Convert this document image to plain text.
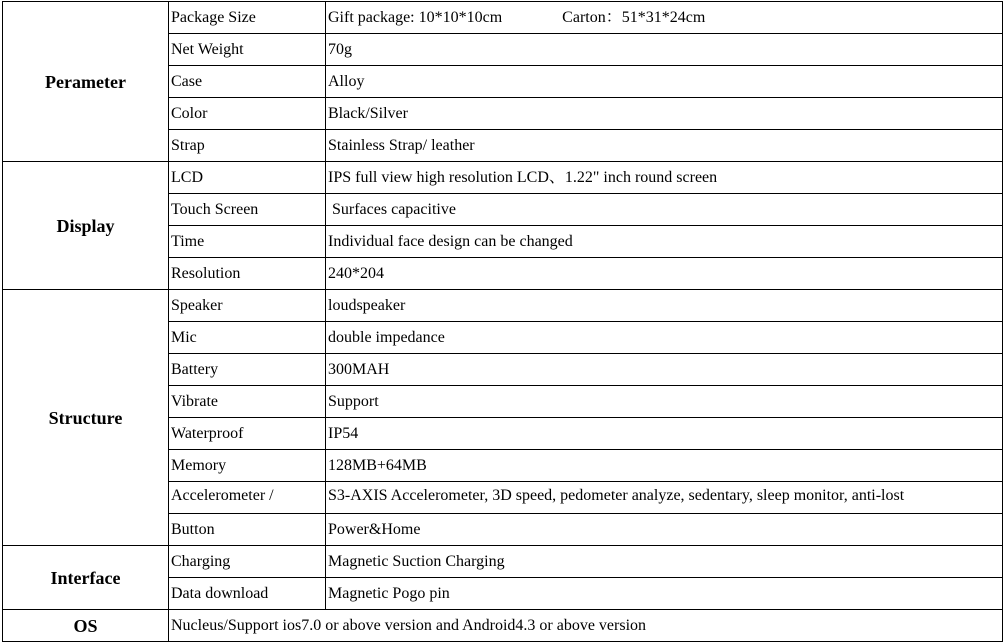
Perameter	Package Size	Gift package: 10*10*10cm Carton：51*31*24cm
	Net Weight	70g
	Case	Alloy
	Color	Black/Silver
	Strap	Stainless Strap/ leather
Display	LCD	IPS full view high resolution LCD、1.22" inch round screen
	Touch Screen	Surfaces capacitive
	Time	Individual face design can be changed
	Resolution	240*204
Structure	Speaker	loudspeaker
	Mic	double impedance
	Battery	300MAH
	Vibrate	Support
	Waterproof	IP54
	Memory	128MB+64MB
	Accelerometer /	S3-AXIS Accelerometer, 3D speed, pedometer analyze, sedentary, sleep monitor, anti-lost
	Button	Power&Home
Interface	Charging	Magnetic Suction Charging
	Data download	Magnetic Pogo pin
OS	Nucleus/Support ios7.0 or above version and Android4.3 or above version	
